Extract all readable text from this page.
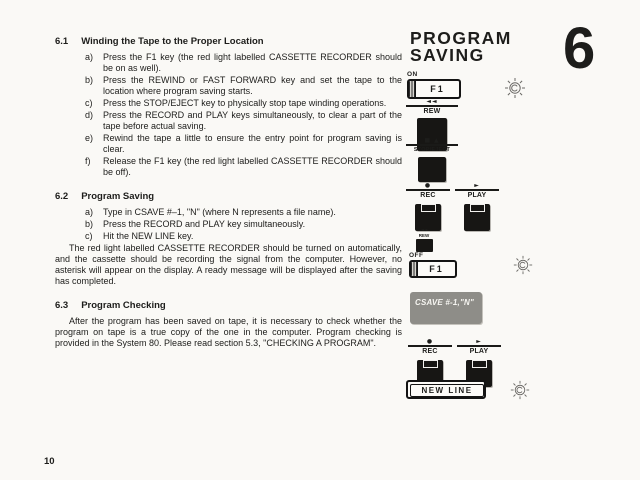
6.1 Winding the Tape to the Proper Location
a)	Press the F1 key (the red light labelled CASSETTE RECORDER should be on as well).
b)	Press the REWIND or FAST FORWARD key and set the tape to the location where program saving starts.
c)	Press the STOP/EJECT key to physically stop tape winding operations.
d)	Press the RECORD and PLAY keys simultaneously, to clear a part of the tape before actual saving.
e)	Rewind the tape a little to ensure the entry point for program saving is clear.
f)	Release the F1 key (the red light labelled CASSETTE RECORDER should be off).
6.2 Program Saving
a)	Type in CSAVE #–1, "N" (where N represents a file name).
b)	Press the RECORD and PLAY key simultaneously.
c)	Hit the NEW LINE key.
The red light labelled CASSETTE RECORDER should be turned on automatically, and the cassette should be recording the signal from the computer. However, no asterisk will appear on the display. A ready message will be displayed after the saving has completed.
6.3 Program Checking
After the program has been saved on tape, it is necessary to check whether the program on tape is a true copy of the one in the computer. Program checking is provided in the System 80. Please read section 5.3, "CHECKING A PROGRAM".
PROGRAM
SAVING	6
ON
F1
◄◄
REW
■ ▲
STOP/EJECT
●
REC
►
PLAY
◄◄
REW
OFF
F1
CSAVE #-1,"N"
●
REC
►
PLAY
NEW LINE
10
